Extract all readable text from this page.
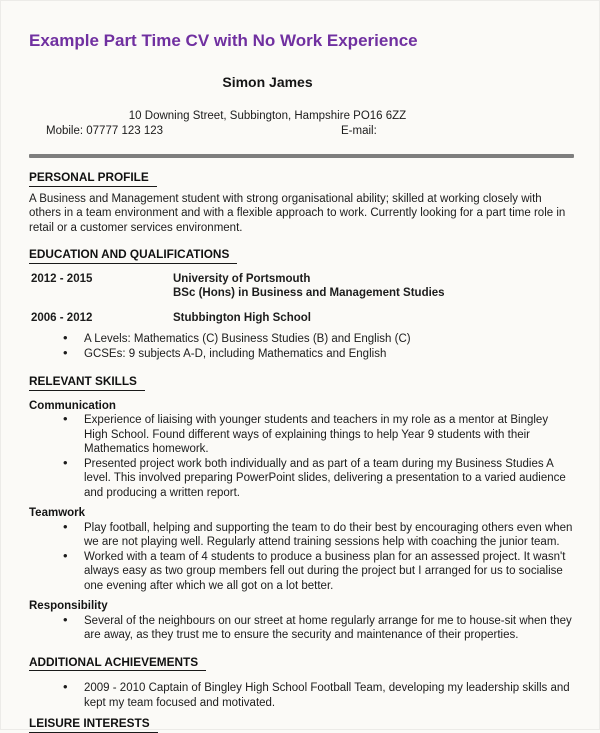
Example Part Time CV with No Work Experience
Simon James
10 Downing Street, Subbington, Hampshire PO16 6ZZ
Mobile: 07777 123 123	E-mail:
PERSONAL PROFILE

A Business and Management student with strong organisational ability; skilled at working closely with others in a team environment and with a flexible approach to work. Currently looking for a part time role in retail or a customer services environment.

EDUCATION AND QUALIFICATIONS
2012 - 2015	University of Portsmouth
BSc (Hons) in Business and Management Studies
2006 - 2012	Stubbington High School
• A Levels: Mathematics (C) Business Studies (B) and English (C)
• GCSEs: 9 subjects A-D, including Mathematics and English
RELEVANT SKILLS
Communication
• Experience of liaising with younger students and teachers in my role as a mentor at Bingley High School. Found different ways of explaining things to help Year 9 students with their Mathematics homework.
• Presented project work both individually and as part of a team during my Business Studies A level. This involved preparing PowerPoint slides, delivering a presentation to a varied audience and producing a written report.
Teamwork
• Play football, helping and supporting the team to do their best by encouraging others even when we are not playing well. Regularly attend training sessions help with coaching the junior team.
• Worked with a team of 4 students to produce a business plan for an assessed project. It wasn't always easy as two group members fell out during the project but I arranged for us to socialise one evening after which we all got on a lot better.
Responsibility
• Several of the neighbours on our street at home regularly arrange for me to house-sit when they are away, as they trust me to ensure the security and maintenance of their properties.
ADDITIONAL ACHIEVEMENTS
• 2009 - 2010 Captain of Bingley High School Football Team, developing my leadership skills and kept my team focused and motivated.
LEISURE INTERESTS
